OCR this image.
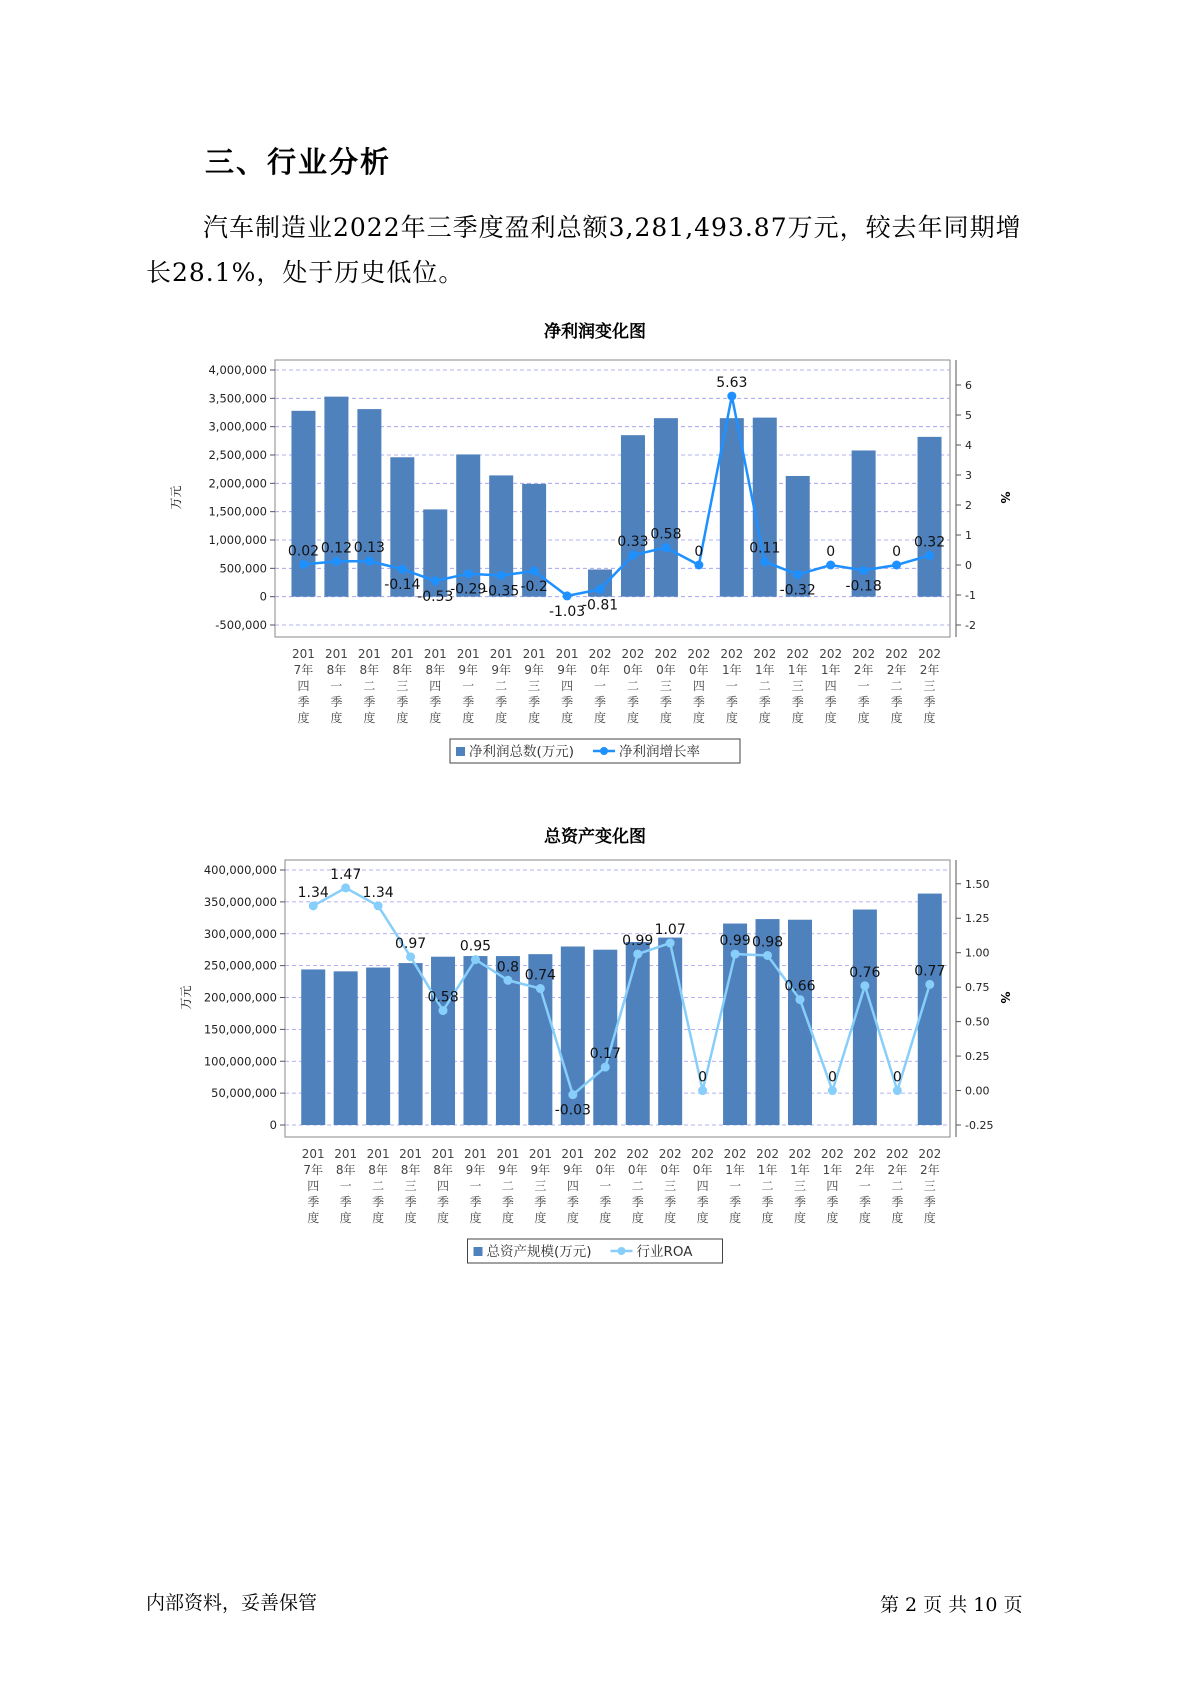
三、行业分析
汽车制造业2022年三季度盈利总额3,281,493.87万元，较去年同期增长28.1%，处于历史低位。
净利润变化图
-500,000
0
500,000
1,000,000
1,500,000
2,000,000
2,500,000
3,000,000
3,500,000
4,000,000
-2
-1
0
1
2
3
4
5
6
万元	%
0.02 0.12 0.13
-0.14
-0.53
-0.29
-0.35 -0.2
-1.03
-0.81
0.33 0.58
0
5.63
0.11
-0.32
0
-0.18
0
0.32
201
7年
四
季
度
201
8年
一
季
度
201
8年
二
季
度
201
8年
三
季
度
201
8年
四
季
度
201
9年
一
季
度
201
9年
二
季
度
201
9年
三
季
度
201
9年
四
季
度
202
0年
一
季
度
202
0年
二
季
度
202
0年
三
季
度
202
0年
四
季
度
202
1年
一
季
度
202
1年
二
季
度
202
1年
三
季
度
202
1年
四
季
度
202
2年
一
季
度
202
2年
二
季
度
202
2年
三
季
度
净利润总数(万元)	净利润增长率
总资产变化图
0
50,000,000
100,000,000
150,000,000
200,000,000
250,000,000
300,000,000
350,000,000
400,000,000
-0.25
0.00
0.25
0.50
0.75
1.00
1.25
1.50
万元	%
1.34
1.47
1.34
0.97
0.58
0.95
0.8
0.74
-0.03
0.17
0.99
1.07
0
0.99 0.98
0.66
0
0.76
0
0.77
201
7年
四
季
度
201
8年
一
季
度
201
8年
二
季
度
201
8年
三
季
度
201
8年
四
季
度
201
9年
一
季
度
201
9年
二
季
度
201
9年
三
季
度
201
9年
四
季
度
202
0年
一
季
度
202
0年
二
季
度
202
0年
三
季
度
202
0年
四
季
度
202
1年
一
季
度
202
1年
二
季
度
202
1年
三
季
度
202
1年
四
季
度
202
2年
一
季
度
202
2年
二
季
度
202
2年
三
季
度
总资产规模(万元)	行业ROA
内部资料，妥善保管	第 2 页 共 10 页
